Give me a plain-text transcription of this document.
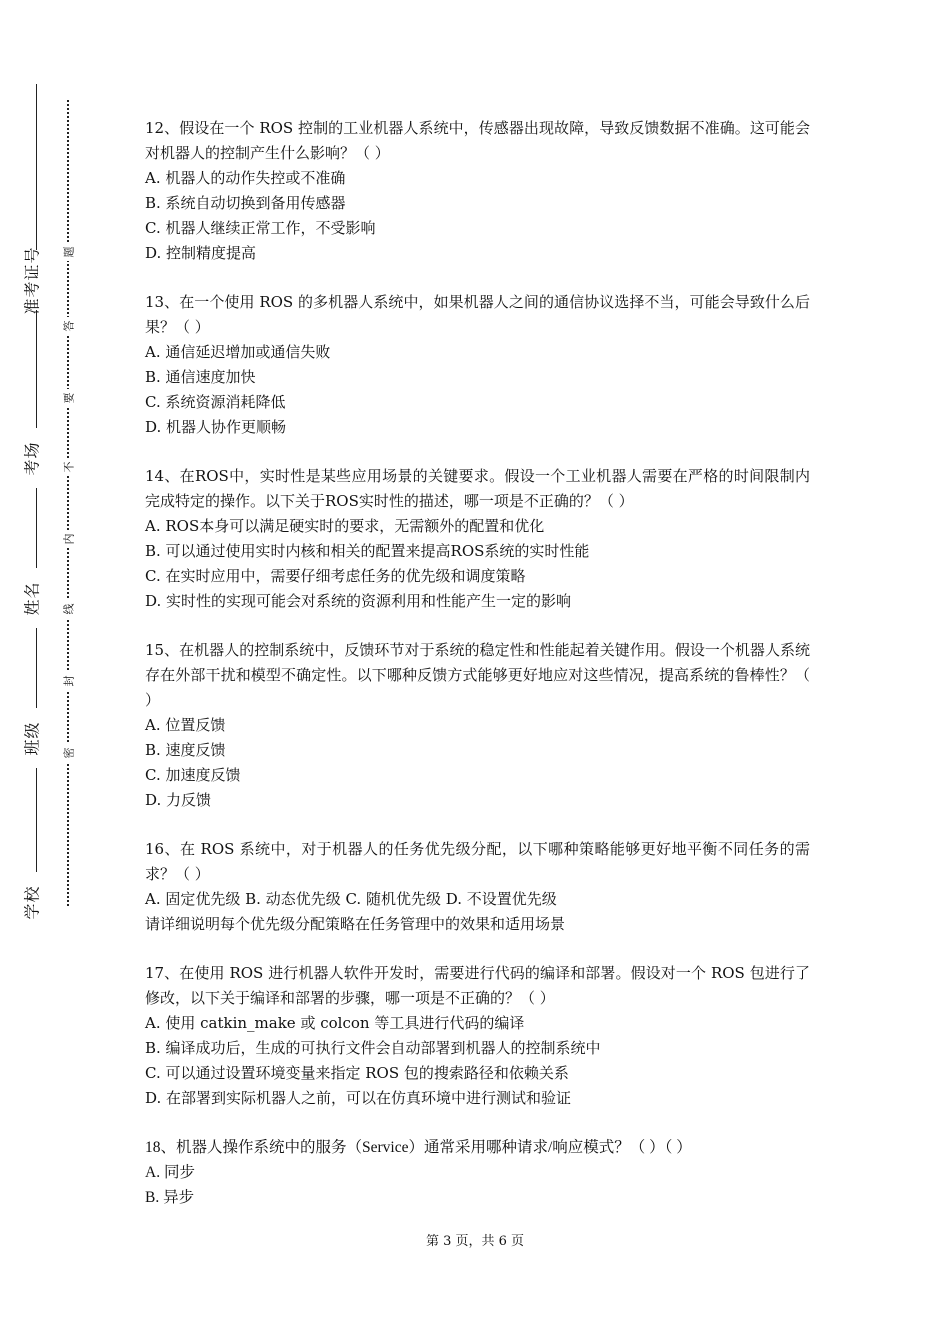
准考证号
考场
姓名
班级
学校
题
答
要
不
内
线
封
密
12、假设在一个 ROS 控制的工业机器人系统中，传感器出现故障，导致反馈数据不准确。这可能会对机器人的控制产生什么影响？（ ）
A. 机器人的动作失控或不准确
B. 系统自动切换到备用传感器
C. 机器人继续正常工作，不受影响
D. 控制精度提高
13、在一个使用 ROS 的多机器人系统中，如果机器人之间的通信协议选择不当，可能会导致什么后果？（ ）
A. 通信延迟增加或通信失败
B. 通信速度加快
C. 系统资源消耗降低
D. 机器人协作更顺畅
14、在ROS中，实时性是某些应用场景的关键要求。假设一个工业机器人需要在严格的时间限制内完成特定的操作。以下关于ROS实时性的描述，哪一项是不正确的？（ ）
A. ROS本身可以满足硬实时的要求，无需额外的配置和优化
B. 可以通过使用实时内核和相关的配置来提高ROS系统的实时性能
C. 在实时应用中，需要仔细考虑任务的优先级和调度策略
D. 实时性的实现可能会对系统的资源利用和性能产生一定的影响
15、在机器人的控制系统中，反馈环节对于系统的稳定性和性能起着关键作用。假设一个机器人系统存在外部干扰和模型不确定性。以下哪种反馈方式能够更好地应对这些情况，提高系统的鲁棒性？（ ）
A. 位置反馈
B. 速度反馈
C. 加速度反馈
D. 力反馈
16、在 ROS 系统中，对于机器人的任务优先级分配，以下哪种策略能够更好地平衡不同任务的需求？（ ）
A. 固定优先级 B. 动态优先级 C. 随机优先级 D. 不设置优先级
请详细说明每个优先级分配策略在任务管理中的效果和适用场景
17、在使用 ROS 进行机器人软件开发时，需要进行代码的编译和部署。假设对一个 ROS 包进行了修改，以下关于编译和部署的步骤，哪一项是不正确的？（ ）
A. 使用 catkin_make 或 colcon 等工具进行代码的编译
B. 编译成功后，生成的可执行文件会自动部署到机器人的控制系统中
C. 可以通过设置环境变量来指定 ROS 包的搜索路径和依赖关系
D. 在部署到实际机器人之前，可以在仿真环境中进行测试和验证
18、机器人操作系统中的服务（Service）通常采用哪种请求/响应模式？（ ）（ ）
A. 同步
B. 异步
第 3 页，共 6 页
